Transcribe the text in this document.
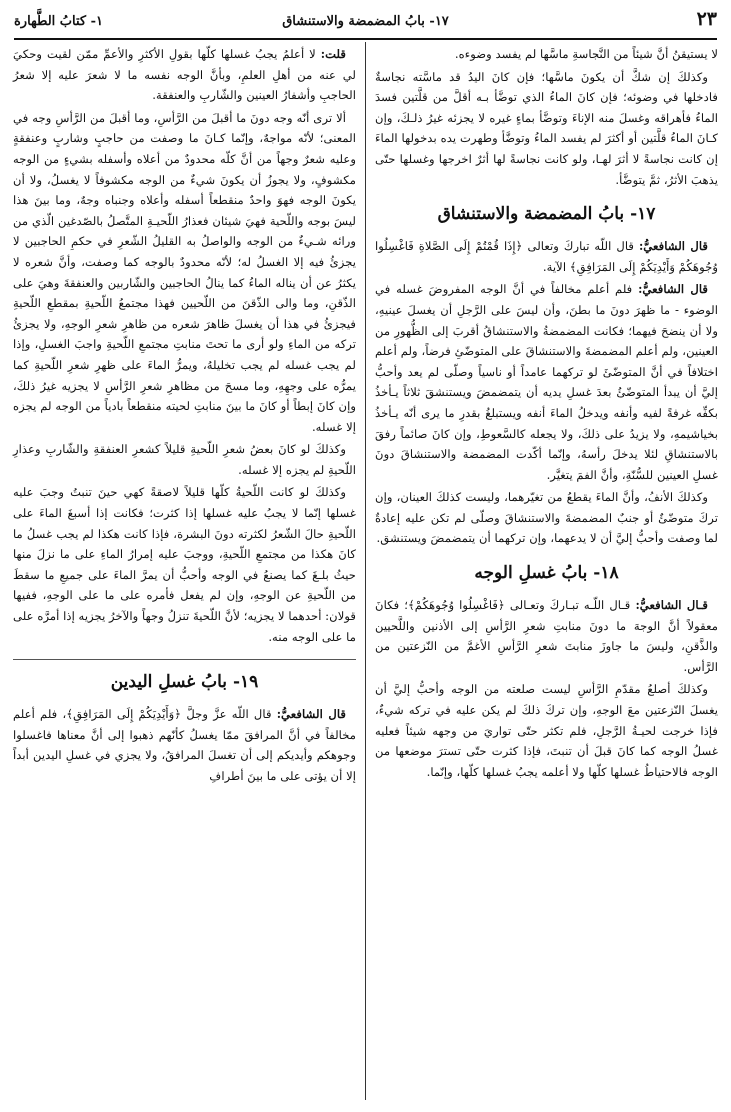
٢٣
١٧- بابُ المضمضة والاستنشاق
١- كتابُ الطَّهارة

لا يستيقنُ أنَّ شيئاً من النَّجاسةِ ماسَّها لم يفسد وضوءه.

وكذلكَ إن شكَّ أن يكونَ ماسَّها؛ فإن كانَ اليدُ قد ماسَّته نجاسةٌ فادخلها في وضوئه؛ فإن كانَ الماءُ الذي توضَّأ بـه أقلَّ من قلَّتين فسدَ الماءُ فأهراقه وغسلَ منه الإناءَ وتوضَّأ بماءٍ غيره لا يجزئه غيرُ ذلـكَ، وإن كـانَ الماءُ قلَّتين أو أكثرَ لم يفسد الماءُ وتوضَّأ وطهرت يده بدخولها الماءَ إن كانت نجاسةً لا أثرَ لهـا، ولو كانت نجاسةً لها أثرٌ اخرجها وغسلها حتّى يذهبَ الأثرُ، ثمَّ يتوضَّأ.

١٧- بابُ المضمضة والاستنشاق

قال الشافعيُّ: قال اللّه تباركَ وتعالى ﴿إِذَا قُمْتُمْ إِلَى الصَّلاةِ فَاغْسِلُوا وُجُوهَكُمْ وَأَيْدِيَكُمْ إِلَى المَرَافِقِ﴾ الآية.

قال الشافعيُّ: فلم أعلم مخالفاً في أنَّ الوجه المفروضَ غسله في الوضوء - ما ظهرَ دونَ ما بطنَ، وأن ليسَ على الرَّجلِ أن يغسلَ عينيهِ، ولا أن ينضحَ فيهما؛ فكانت المضمضةُ والاستنشاقُ أقربَ إلى الظُّهورِ من العينين، ولم أعلم المضمضةَ والاستنشاقَ على المتوضّئِ فرضاً، ولم أعلم اختلافاً في أنَّ المتوضّئَ لو تركهما عامداً أو ناسياً وصلّى لم يعد وأحبُّ إليَّ أن يبدأ المتوضّئُ بعدَ غسلِ يديه أن يتمضمضَ ويستنشقَ ثلاثاً يـأخذُ بكفِّه غرفةً لفيه وأنفه ويدخلُ الماءَ أنفه ويستبلغُ بقدرِ ما يرى أنّه يـأخذُ بخياشيمهِ، ولا يزيدُ على ذلكَ، ولا يجعله كالسَّعوطِ، وإن كانَ صائماً رفقَ بالاستنشاقِ لئلا يدخلَ رأسهُ، وإنّما أكّدت المضمضة والاستنشاقَ دونَ غسلِ العينين للسُّنّةِ، وأنَّ الفمَ يتغيَّر.

وكذلكَ الأنفُ، وأنَّ الماءَ يقطعُ من تغيّرهما، وليست كذلكَ العينان، وإن تركَ متوضّئٌ أو جنبٌ المضمضةَ والاستنشاقَ وصلّى لم تكن عليه إعادةٌ لما وصفت وأحبُّ إليَّ أن لا يدعهما، وإن تركهما أن يتمضمضَ ويستنشق.

١٨- بابُ غسلِ الوجه

قـال الشافعيُّ: قـال اللّـه تبـاركَ وتعـالى ﴿فَاغْسِلُوا وُجُوهَكُمْ﴾؛ فكانَ معقولاً أنَّ الوجهَ ما دونَ منابتِ شعرِ الرَّأسِ إلى الأذنين واللَّحيين والذَّقنِ، وليسَ ما جاوزَ منابتَ شعرِ الرَّأسِ الأغمَّ من النّزعتين من الرَّأس.

وكذلكَ أصلعُ مقدّمِ الرَّأسِ ليست صلعته من الوجه وأحبُّ إليَّ أن يغسلَ النّزعتين معَ الوجهِ، وإن تركَ ذلكَ لم يكن عليه في تركه شيءٌ، فإذا خرجت لحيـةُ الرَّجلِ، فلم تكثر حتّى تواريَ من وجهه شيئاً فعليه غسلُ الوجه كما كانَ قبلَ أن تنبتَ، فإذا كثرت حتّى تسترَ موضعها من الوجه فالاحتياطُ غسلها كلّها ولا أعلمه يجبُ غسلها كلّها، وإنّما.

قلت: لا أعلمُ يجبُ غسلها كلّها بقولِ الأكثرِ والأعمِّ ممّن لقيت وحكيَ لي عنه من أهلِ العلمِ، وبأنَّ الوجه نفسه ما لا شعرَ عليه إلا شعرُ الحاجبِ وأشفارُ العينين والشّاربِ والعنفقة.

ألا ترى أنّه وجه دونَ ما أقبلَ من الرَّأسِ، وما أقبلَ من الرَّأسِ وجه في المعنى؛ لأنّه مواجهٌ، وإنّما كـانَ ما وصفت من حاجبٍ وشاربٍ وعنفقةٍ وعليه شعرٌ وجهاً من أنَّ كلّه محدودٌ من أعلاه وأسفله بشيءٍ من الوجه مكشوفٍ، ولا يجوزُ أن يكونَ شيءٌ من الوجه مكشوفاً لا يغسلُ، ولا أن يكونَ الوجه فهوَ واحدٌ منقطعاً أسفله وأعلاه وجنباه وجهٌ، وما بينَ هذا ليسَ بوجه واللّحية فهيَ شيئان فعذارُ اللّحيـةِ المتَّصلُ بالصّدغين الّذي من ورائه شـيءٌ من الوجه والواصلُ به القليلُ الشّعرِ في حكمِ الحاجبين لا يجزئُ فيه إلا الغسلُ له؛ لأنّه محدودٌ بالوجه كما وصفت، وأنَّ شعره لا يكثرُ عن أن يناله الماءُ كما ينالُ الحاجبين والشّاربين والعنفقةَ وهيَ على الذّقنِ، وما والى الذّقنَ من اللّحيين فهذا مجتمعُ اللّحيةِ بمقطعِ اللّحيةِ فيجزئُ في هذا أن يغسلَ ظاهرَ شعره من ظاهرِ شعرِ الوجهِ، ولا يجزئُ تركه من الماءِ ولو أرى ما تحتَ منابتِ مجتمعِ اللّحيةِ واجبَ الغسلِ، وإذا لم يجب غسله لم يجب تخليلهُ، ويمرُّ الماءَ على ظهرِ شعرِ اللّحيةِ كما يمرُّه على وجهِهِ، وما مسحَ من مظاهرِ شعرِ الرَّأسِ لا يجزيه غيرُ ذلكَ، وإن كانَ إبطاً أو كانَ ما بينَ منابتِ لحيته منقطعاً بادياً من الوجه لم يجزه إلا غسله.

وكذلكَ لو كانَ بعضُ شعرِ اللّحيةِ قليلاً كشعرِ العنفقةِ والشّاربِ وعذارِ اللّحيةِ لم يجزه إلا غسله.

وكذلكَ لو كانت اللّحيةُ كلّها قليلاً لاصقةً كهي حينَ تنبتُ وجبَ عليه غسلها إنّما لا يجبُ عليه غسلها إذا كثرت؛ فكانت إذا أسبغَ الماءَ على اللّحيةِ حالَ الشّعرُ لكثرته دونَ البشرة، فإذا كانت هكذا لم يجب غسلُ ما كانَ هكذا من مجتمعِ اللّحيةِ، ووجبَ عليه إمرارُ الماءِ على ما نزلَ منها حيثُ بلـغَ كما يصنعُ في الوجه وأحبُّ أن يمرَّ الماءَ على جميعِ ما سقطَ من اللّحيةِ عن الوجهِ، وإن لم يفعل فأمره على ما على الوجهِ، ففيها قولان: أحدهما لا يجزيه؛ لأنَّ اللّحيةَ تنزلُ وجهاً والآخرُ يجزيه إذا أمرَّه على ما على الوجه منه.

١٩- بابُ غسلِ اليدين

قال الشافعيُّ: قال اللّه عزَّ وجلَّ ﴿وَأَيْدِيَكُمْ إِلَى المَرَافِقِ﴾، فلم أعلم مخالفاً في أنَّ المرافقَ ممّا يغسلُ كأنّهم ذهبوا إلى أنَّ معناها فاغسلوا وجوهكم وأيديكم إلى أن تغسلَ المرافقُ، ولا يجزي في غسلِ اليدين أبداً إلا أن يؤتى على ما بينَ أطرافِ
